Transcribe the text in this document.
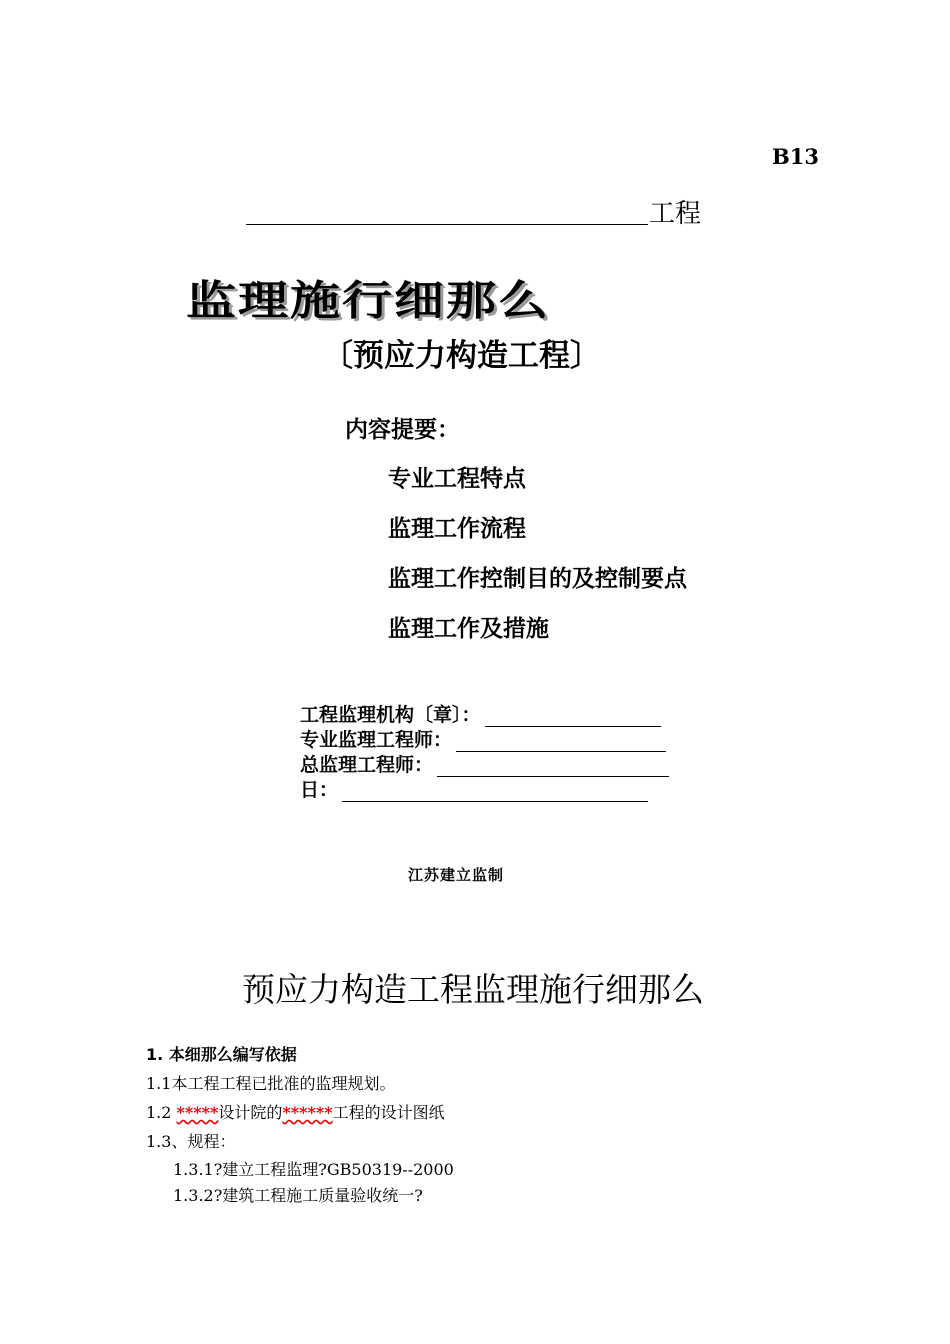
B13
工程
监理施行细那么
〔预应力构造工程〕
内容提要：
专业工程特点
监理工作流程
监理工作控制目的及控制要点
监理工作及措施
工程监理机构〔章〕：
专业监理工程师：
总监理工程师：
日：
江苏建立监制
预应力构造工程监理施行细那么
1. 本细那么编写依据
1.1本工程工程已批准的监理规划。
1.2 *****设计院的******工程的设计图纸
1.3、规程：
1.3.1?建立工程监理?GB50319--2000
1.3.2?建筑工程施工质量验收统一?
